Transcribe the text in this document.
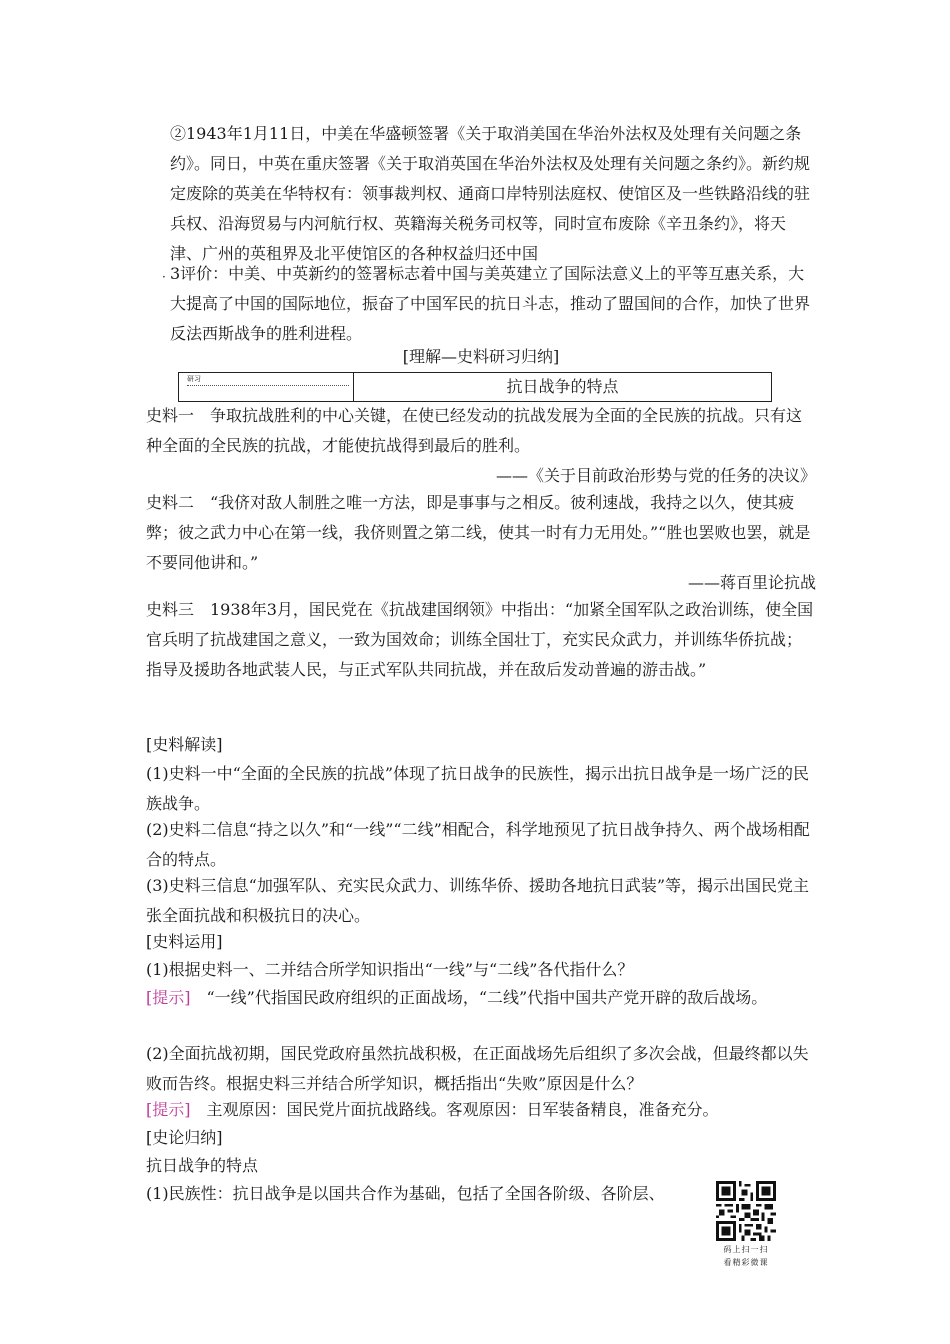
②1943年1月11日，中美在华盛顿签署《关于取消美国在华治外法权及处理有关问题之条约》。同日，中英在重庆签署《关于取消英国在华治外法权及处理有关问题之条约》。新约规定废除的英美在华特权有：领事裁判权、通商口岸特别法庭权、使馆区及一些铁路沿线的驻兵权、沿海贸易与内河航行权、英籍海关税务司权等，同时宣布废除《辛丑条约》，将天津、广州的英租界及北平使馆区的各种权益归还中国

· 3评价：中美、中英新约的签署标志着中国与美英建立了国际法意义上的平等互惠关系，大大提高了中国的国际地位，振奋了中国军民的抗日斗志，推动了盟国间的合作，加快了世界反法西斯战争的胜利进程。

[理解—史料研习归纳]

研习	抗日战争的特点

史料一　争取抗战胜利的中心关键，在使已经发动的抗战发展为全面的全民族的抗战。只有这种全面的全民族的抗战，才能使抗战得到最后的胜利。

——《关于目前政治形势与党的任务的决议》

史料二　“我侪对敌人制胜之唯一方法，即是事事与之相反。彼利速战，我持之以久，使其疲弊；彼之武力中心在第一线，我侪则置之第二线，使其一时有力无用处。”“胜也罢败也罢，就是不要同他讲和。”

——蒋百里论抗战

史料三　1938年3月，国民党在《抗战建国纲领》中指出：“加紧全国军队之政治训练，使全国官兵明了抗战建国之意义，一致为国效命；训练全国壮丁，充实民众武力，并训练华侨抗战；指导及援助各地武装人民，与正式军队共同抗战，并在敌后发动普遍的游击战。”

[史料解读]

(1)史料一中“全面的全民族的抗战”体现了抗日战争的民族性，揭示出抗日战争是一场广泛的民族战争。

(2)史料二信息“持之以久”和“一线”“二线”相配合，科学地预见了抗日战争持久、两个战场相配合的特点。

(3)史料三信息“加强军队、充实民众武力、训练华侨、援助各地抗日武装”等，揭示出国民党主张全面抗战和积极抗日的决心。

[史料运用]

(1)根据史料一、二并结合所学知识指出“一线”与“二线”各代指什么？

[提示]　“一线”代指国民政府组织的正面战场，“二线”代指中国共产党开辟的敌后战场。

(2)全面抗战初期，国民党政府虽然抗战积极，在正面战场先后组织了多次会战，但最终都以失败而告终。根据史料三并结合所学知识，概括指出“失败”原因是什么？

[提示]　主观原因：国民党片面抗战路线。客观原因：日军装备精良，准备充分。

[史论归纳]

抗日战争的特点

(1)民族性：抗日战争是以国共合作为基础，包括了全国各阶级、各阶层、

码上扫一扫
看精彩微课
